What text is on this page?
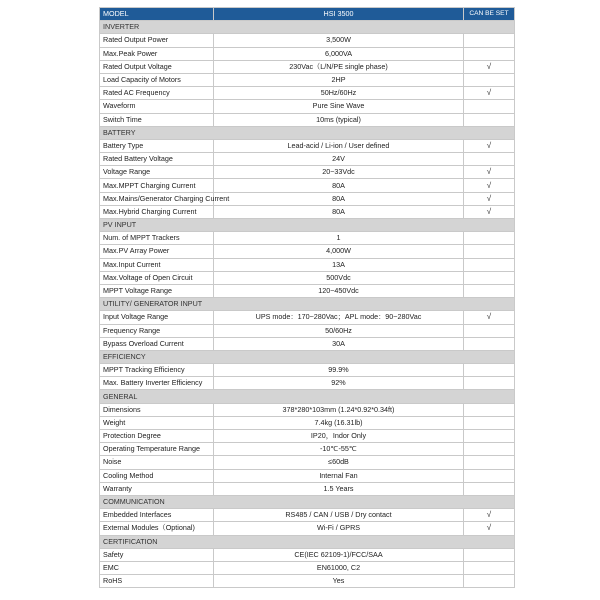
MODEL	HSI 3500	CAN BE SET
INVERTER		
Rated Output Power	3,500W	
Max.Peak Power	6,000VA	
Rated Output Voltage	230Vac（L/N/PE single phase)	√
Load Capacity of Motors	2HP	
Rated AC Frequency	50Hz/60Hz	√
Waveform	Pure Sine Wave	
Switch Time	10ms (typical)	
BATTERY		
Battery Type	Lead-acid / Li-ion / User defined	√
Rated Battery Voltage	24V	
Voltage Range	20~33Vdc	√
Max.MPPT Charging Current	80A	√
Max.Mains/Generator Charging Current	80A	√
Max.Hybrid Charging Current	80A	√
PV INPUT		
Num. of MPPT Trackers	1	
Max.PV Array Power	4,000W	
Max.Input Current	13A	
Max.Voltage of Open Circuit	500Vdc	
MPPT Voltage Range	120~450Vdc	
UTILITY/ GENERATOR INPUT		
Input Voltage Range	UPS mode：170~280Vac；APL mode：90~280Vac	√
Frequency Range	50/60Hz	
Bypass Overload Current	30A	
EFFICIENCY		
MPPT Tracking Efficiency	99.9%	
Max. Battery Inverter Efficiency	92%	
GENERAL		
Dimensions	378*280*103mm (1.24*0.92*0.34ft)	
Weight	7.4kg (16.31lb)	
Protection Degree	IP20，Indor Only	
Operating Temperature Range	-10℃-55℃	
Noise	≤60dB	
Cooling Method	Internal Fan	
Warranty	1.5 Years	
COMMUNICATION		
Embedded Interfaces	RS485 / CAN / USB / Dry contact	√
External Modules（Optional)	Wi-Fi / GPRS	√
CERTIFICATION		
Safety	CE(IEC 62109-1)/FCC/SAA	
EMC	EN61000, C2	
RoHS	Yes	
